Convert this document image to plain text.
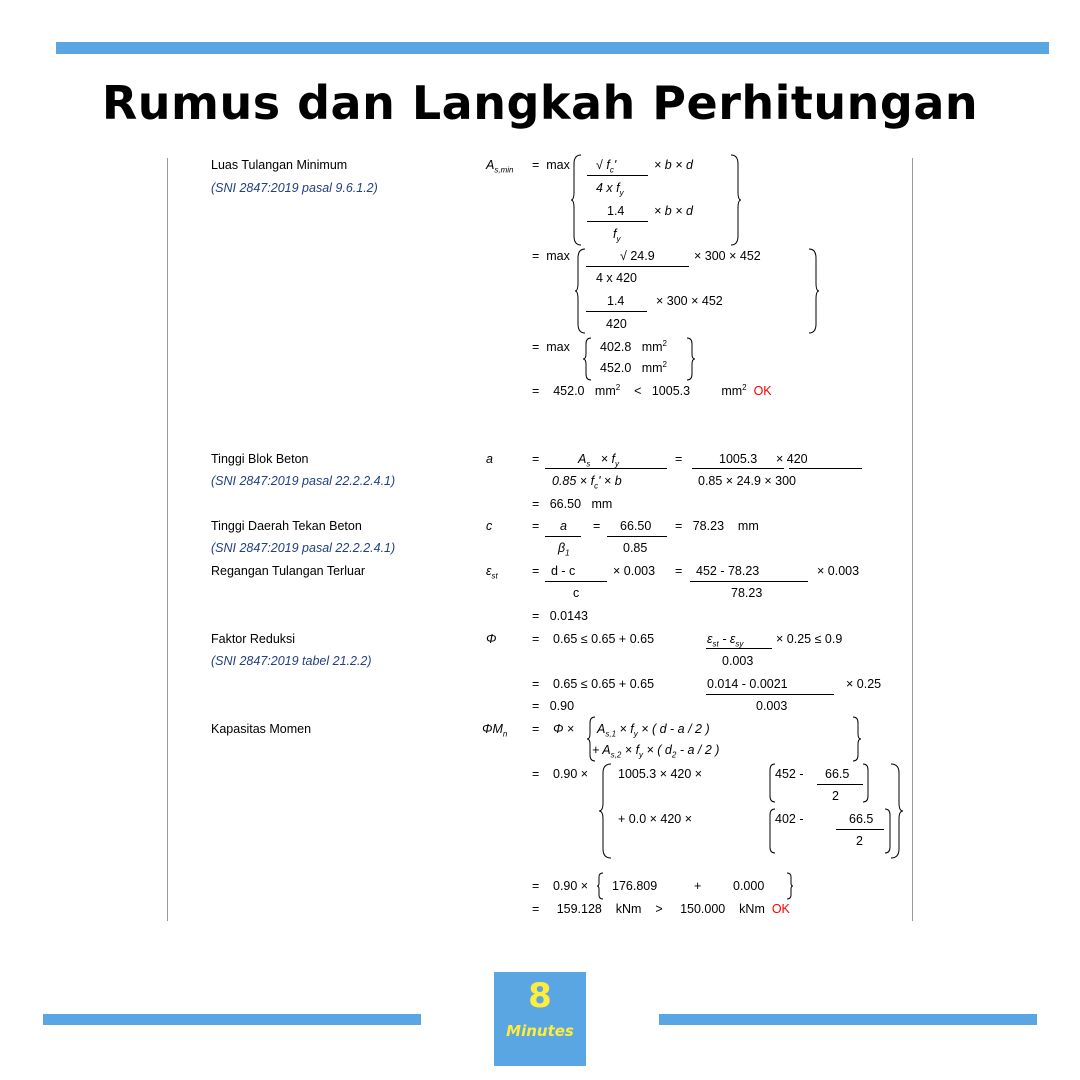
Rumus dan Langkah Perhitungan
Luas Tulangan Minimum
(SNI 2847:2019 pasal 9.6.1.2)
$A_{s,min} = \max$ √ $f_c'$
4 x $f_y$
× b × d
1.4
$f_y$
× b × d
= max	√ 24.9
4 x 420
× 300 × 452
1.4
420
× 300 × 452
= max 402.8 $mm^2$
452.0 $mm^2$
= 452.0 $mm^2 < 1005.3$	$mm^2$ OK
Tinggi Blok Beton
(SNI 2847:2019 pasal 22.2.2.4.1)
a	=	$A_s \times f_y$
$0.85 \times f_c' \times b$
=	1005.3 × 420
0.85 × 24.9 × 300
= 66.50 mm
Tinggi Daerah Tekan Beton
(SNI 2847:2019 pasal 22.2.2.4.1)
c	= a
$\beta_1$
= 66.50
0.85
= 78.23 mm
Regangan Tulangan Terluar	$\varepsilon_{st}$	= d - c
c
× 0.003 = 452 - 78.23
78.23
× 0.003
= 0.0143
Faktor Reduksi
(SNI 2847:2019 tabel 21.2.2)
Φ	= 0.65 ≤ 0.65 + 0.65	$\varepsilon_{st} - \varepsilon_{sy}$
0.003
× 0.25 ≤ 0.9
= 0.65 ≤ 0.65 + 0.65	0.014 - 0.0021
0.003
× 0.25
= 0.90
Kapasitas Momen	$\Phi M_n = \Phi \times A_{s,1} \times f_y$ × ( d - a / 2 )
+ $A_{s,2} \times f_y$ × ( $d_2$ - a / 2 )
= 0.90 × 1005.3 × 420 ×	452 - 66.5
2
+ 0.0 × 420 ×	402 -	66.5
2
= 0.90 × 176.809	+	0.000
= 159.128 kNm > 150.000 kNm OK
8
Minutes
